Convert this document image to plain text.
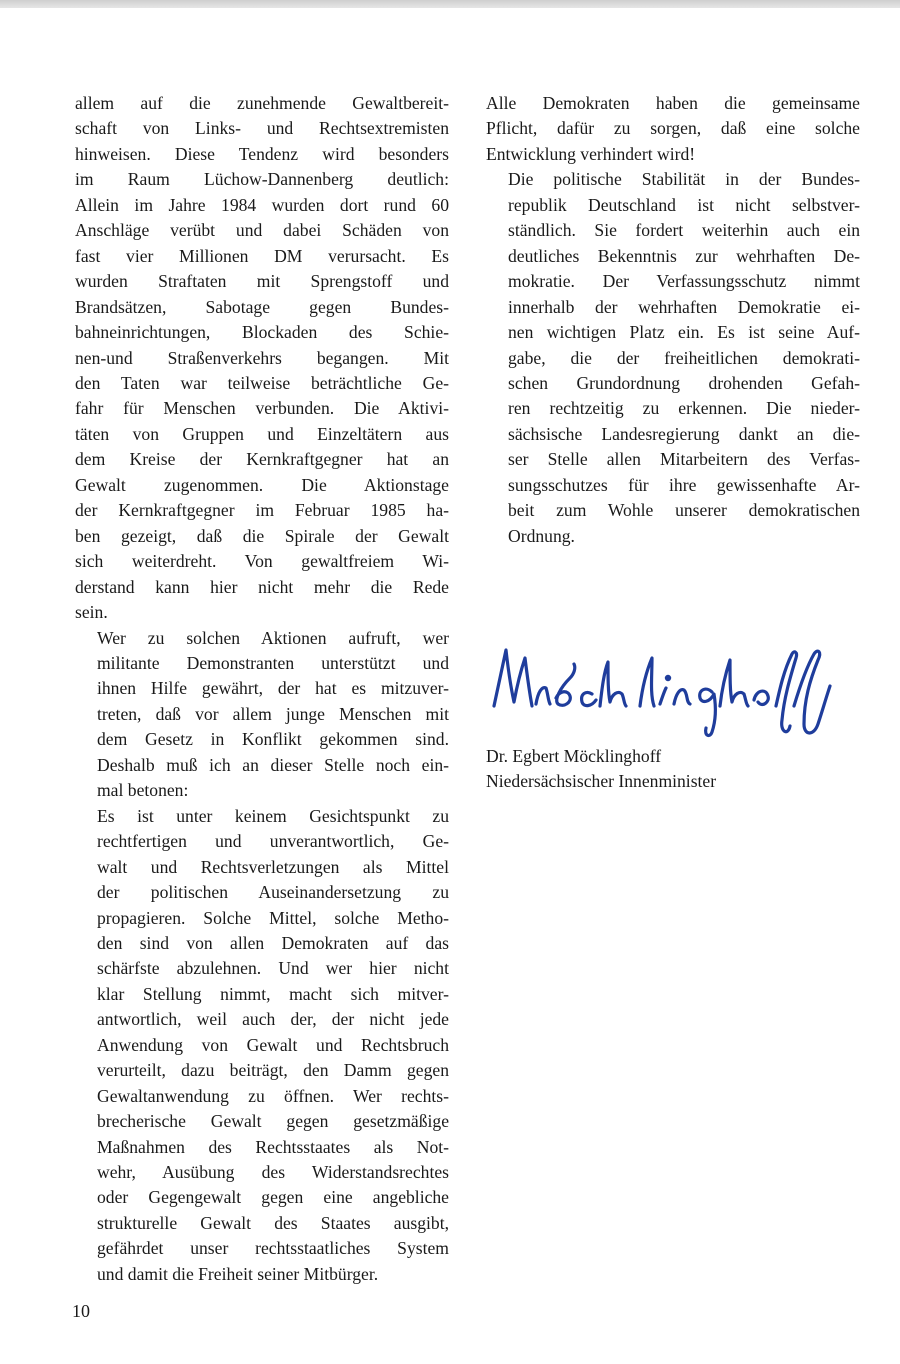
allem auf die zunehmende Gewaltbereit-
schaft von Links- und Rechtsextremisten
hinweisen. Diese Tendenz wird besonders
im Raum Lüchow-Dannenberg deutlich:
Allein im Jahre 1984 wurden dort rund 60
Anschläge verübt und dabei Schäden von
fast vier Millionen DM verursacht. Es
wurden Straftaten mit Sprengstoff und
Brandsätzen, Sabotage gegen Bundes-
bahneinrichtungen, Blockaden des Schie-
nen-und Straßenverkehrs begangen. Mit
den Taten war teilweise beträchtliche Ge-
fahr für Menschen verbunden. Die Aktivi-
täten von Gruppen und Einzeltätern aus
dem Kreise der Kernkraftgegner hat an
Gewalt zugenommen. Die Aktionstage
der Kernkraftgegner im Februar 1985 ha-
ben gezeigt, daß die Spirale der Gewalt
sich weiterdreht. Von gewaltfreiem Wi-
derstand kann hier nicht mehr die Rede
sein.

Wer zu solchen Aktionen aufruft, wer
militante Demonstranten unterstützt und
ihnen Hilfe gewährt, der hat es mitzuver-
treten, daß vor allem junge Menschen mit
dem Gesetz in Konflikt gekommen sind.
Deshalb muß ich an dieser Stelle noch ein-
mal betonen:

Es ist unter keinem Gesichtspunkt zu
rechtfertigen und unverantwortlich, Ge-
walt und Rechtsverletzungen als Mittel
der politischen Auseinandersetzung zu
propagieren. Solche Mittel, solche Metho-
den sind von allen Demokraten auf das
schärfste abzulehnen. Und wer hier nicht
klar Stellung nimmt, macht sich mitver-
antwortlich, weil auch der, der nicht jede
Anwendung von Gewalt und Rechtsbruch
verurteilt, dazu beiträgt, den Damm gegen
Gewaltanwendung zu öffnen. Wer rechts-
brecherische Gewalt gegen gesetzmäßige
Maßnahmen des Rechtsstaates als Not-
wehr, Ausübung des Widerstandsrechtes
oder Gegengewalt gegen eine angebliche
strukturelle Gewalt des Staates ausgibt,
gefährdet unser rechtsstaatliches System
und damit die Freiheit seiner Mitbürger.

Alle Demokraten haben die gemeinsame
Pflicht, dafür zu sorgen, daß eine solche
Entwicklung verhindert wird!

Die politische Stabilität in der Bundes-
republik Deutschland ist nicht selbstver-
ständlich. Sie fordert weiterhin auch ein
deutliches Bekenntnis zur wehrhaften De-
mokratie. Der Verfassungsschutz nimmt
innerhalb der wehrhaften Demokratie ei-
nen wichtigen Platz ein. Es ist seine Auf-
gabe, die der freiheitlichen demokrati-
schen Grundordnung drohenden Gefah-
ren rechtzeitig zu erkennen. Die nieder-
sächsische Landesregierung dankt an die-
ser Stelle allen Mitarbeitern des Verfas-
sungsschutzes für ihre gewissenhafte Ar-
beit zum Wohle unserer demokratischen
Ordnung.

Dr. Egbert Möcklinghoff
Niedersächsischer Innenminister
10
